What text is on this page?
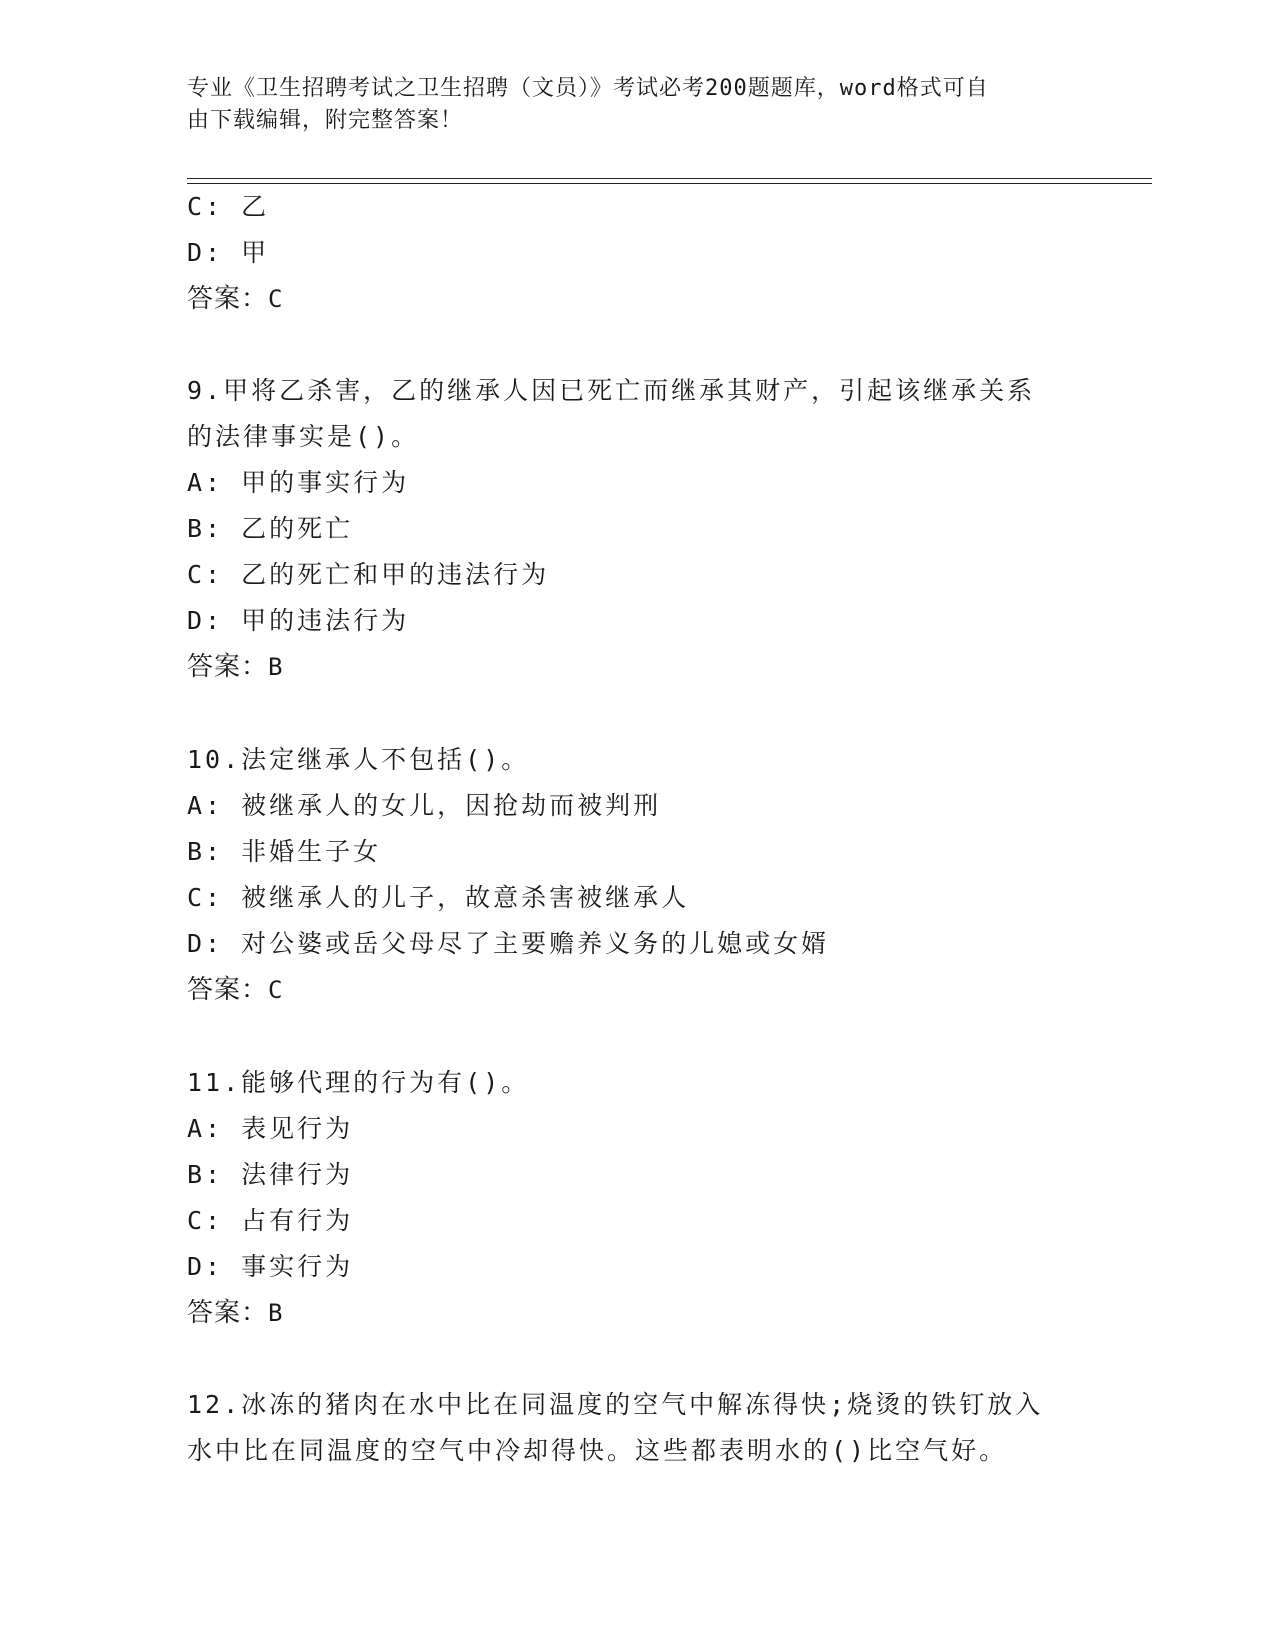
专业《卫生招聘考试之卫生招聘（文员）》考试必考200题题库，word格式可自
由下载编辑，附完整答案！
C: 乙
D: 甲
答案：C
9.甲将乙杀害，乙的继承人因已死亡而继承其财产，引起该继承关系
的法律事实是()。
A: 甲的事实行为
B: 乙的死亡
C: 乙的死亡和甲的违法行为
D: 甲的违法行为
答案：B
10.法定继承人不包括()。
A: 被继承人的女儿，因抢劫而被判刑
B: 非婚生子女
C: 被继承人的儿子，故意杀害被继承人
D: 对公婆或岳父母尽了主要赡养义务的儿媳或女婿
答案：C
11.能够代理的行为有()。
A: 表见行为
B: 法律行为
C: 占有行为
D: 事实行为
答案：B
12.冰冻的猪肉在水中比在同温度的空气中解冻得快;烧烫的铁钉放入
水中比在同温度的空气中冷却得快。这些都表明水的()比空气好。
